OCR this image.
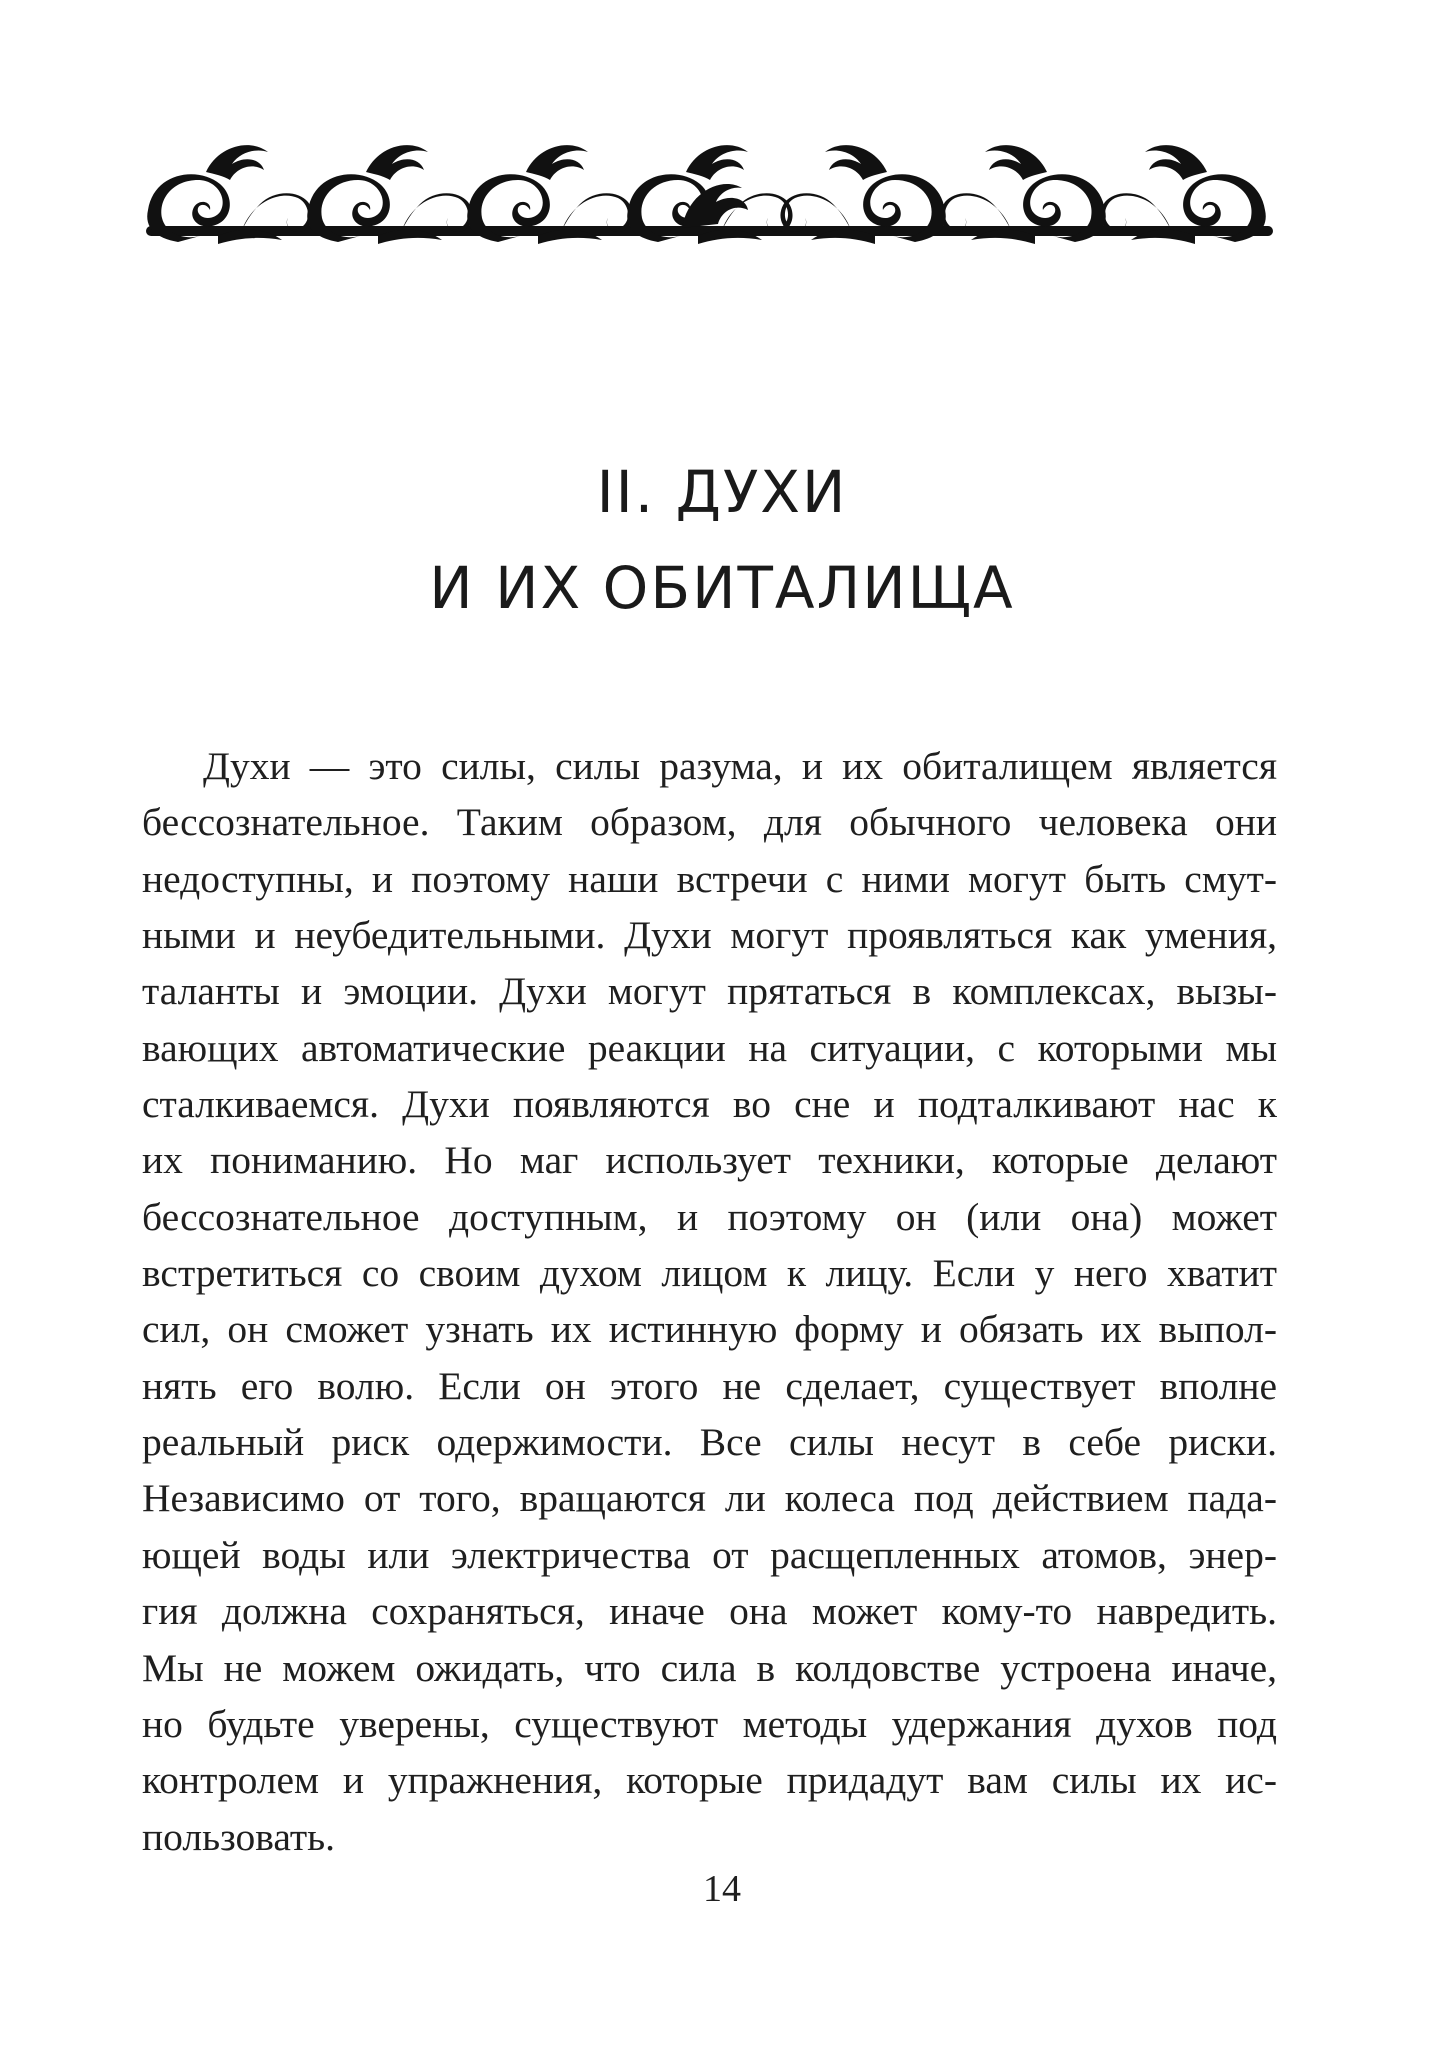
II. ДУХИ
И ИХ ОБИТАЛИЩА
Духи — это силы, силы разума, и их обиталищем является
бессознательное. Таким образом, для обычного человека они
недоступны, и поэтому наши встречи с ними могут быть смут-
ными и неубедительными. Духи могут проявляться как умения,
таланты и эмоции. Духи могут прятаться в комплексах, вызы-
вающих автоматические реакции на ситуации, с которыми мы
сталкиваемся. Духи появляются во сне и подталкивают нас к
их пониманию. Но маг использует техники, которые делают
бессознательное доступным, и поэтому он (или она) может
встретиться со своим духом лицом к лицу. Если у него хватит
сил, он сможет узнать их истинную форму и обязать их выпол-
нять его волю. Если он этого не сделает, существует вполне
реальный риск одержимости. Все силы несут в себе риски.
Независимо от того, вращаются ли колеса под действием пада-
ющей воды или электричества от расщепленных атомов, энер-
гия должна сохраняться, иначе она может кому-то навредить.
Мы не можем ожидать, что сила в колдовстве устроена иначе,
но будьте уверены, существуют методы удержания духов под
контролем и упражнения, которые придадут вам силы их ис-
пользовать.
14
